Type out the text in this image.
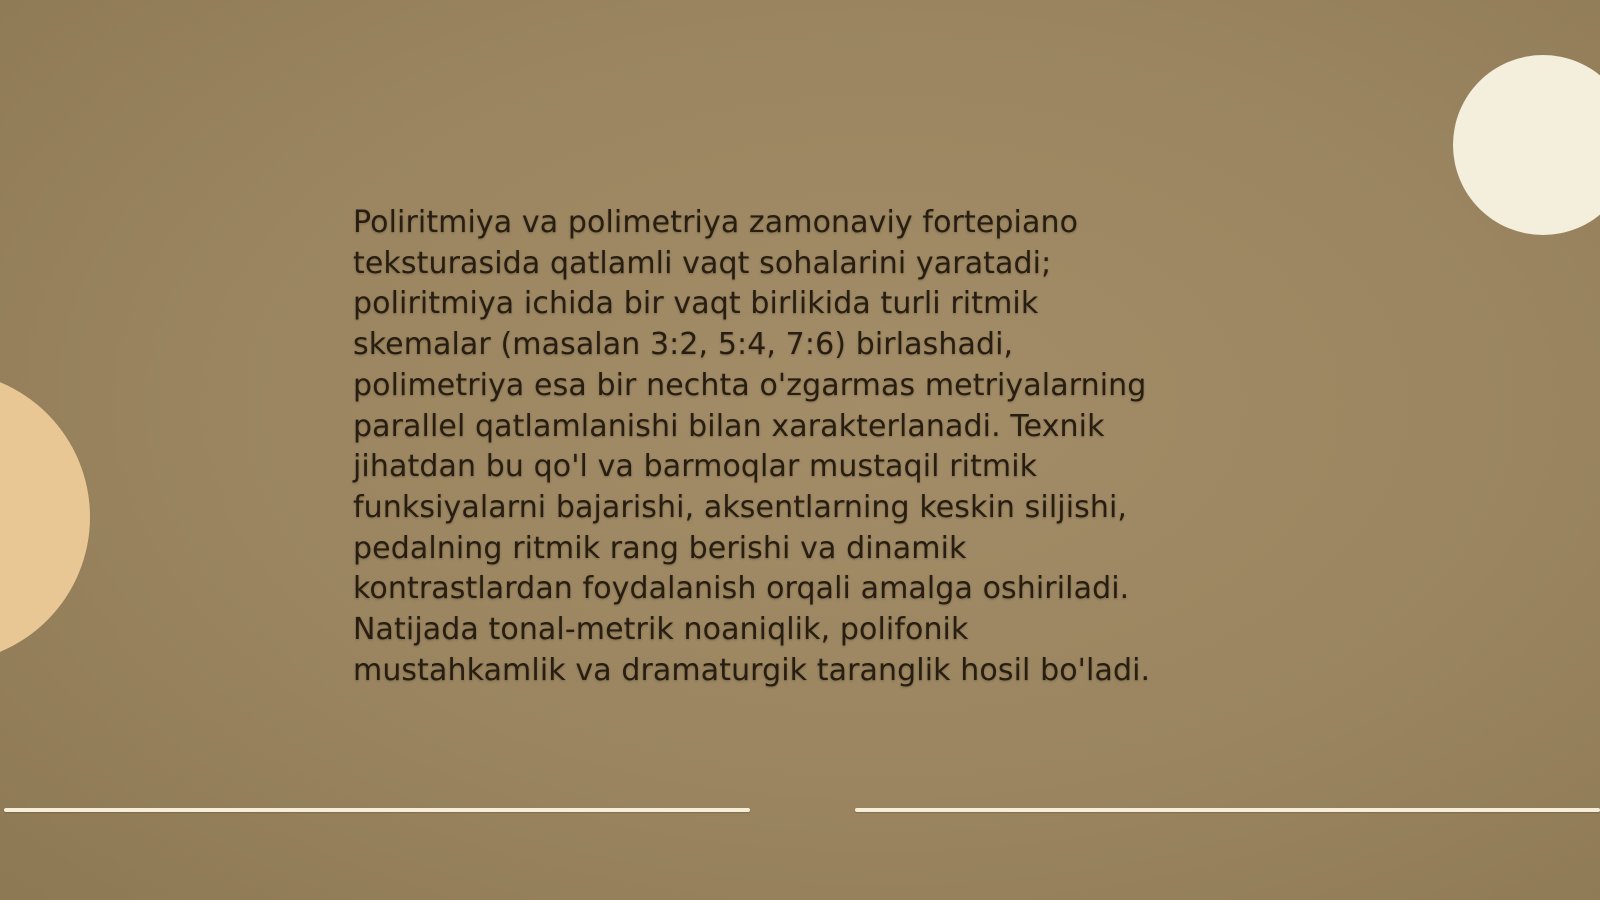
Poliritmiya va polimetriya zamonaviy fortepiano
teksturasida qatlamli vaqt sohalarini yaratadi;
poliritmiya ichida bir vaqt birlikida turli ritmik
skemalar (masalan 3:2, 5:4, 7:6) birlashadi,
polimetriya esa bir nechta o'zgarmas metriyalarning
parallel qatlamlanishi bilan xarakterlanadi. Texnik
jihatdan bu qo'l va barmoqlar mustaqil ritmik
funksiyalarni bajarishi, aksentlarning keskin siljishi,
pedalning ritmik rang berishi va dinamik
kontrastlardan foydalanish orqali amalga oshiriladi.
Natijada tonal-metrik noaniqlik, polifonik
mustahkamlik va dramaturgik taranglik hosil bo'ladi.
